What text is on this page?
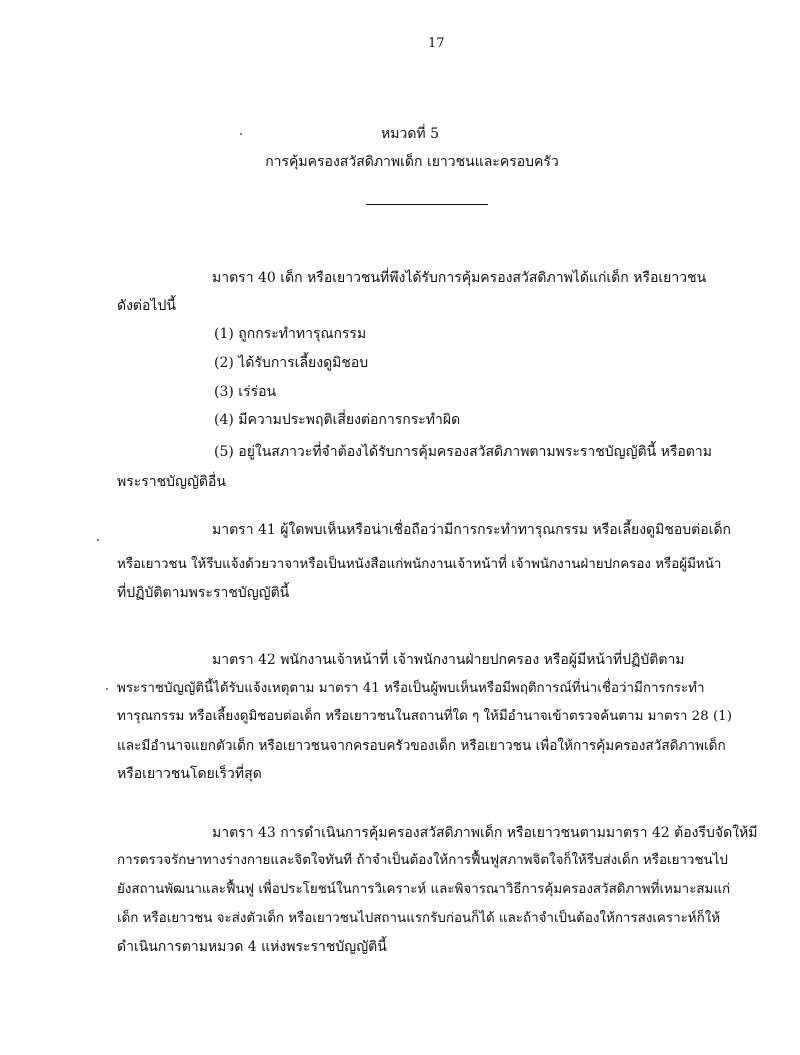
17
หมวดที่ 5
การคุ้มครองสวัสดิภาพเด็ก เยาวชนและครอบครัว
มาตรา 40 เด็ก หรือเยาวชนที่พึงได้รับการคุ้มครองสวัสดิภาพได้แก่เด็ก หรือเยาวชน
ดังต่อไปนี้
(1) ถูกกระทำทารุณกรรม
(2) ได้รับการเลี้ยงดูมิชอบ
(3) เร่ร่อน
(4) มีความประพฤติเสี่ยงต่อการกระทำผิด
(5) อยู่ในสภาวะที่จำต้องได้รับการคุ้มครองสวัสดิภาพตามพระราชบัญญัตินี้ หรือตาม
พระราชบัญญัติอื่น
มาตรา 41 ผู้ใดพบเห็นหรือน่าเชื่อถือว่ามีการกระทำทารุณกรรม หรือเลี้ยงดูมิชอบต่อเด็ก
หรือเยาวชน ให้รีบแจ้งด้วยวาจาหรือเป็นหนังสือแก่พนักงานเจ้าหน้าที่ เจ้าพนักงานฝ่ายปกครอง หรือผู้มีหน้า
ที่ปฏิบัติตามพระราชบัญญัตินี้
มาตรา 42 พนักงานเจ้าหน้าที่ เจ้าพนักงานฝ่ายปกครอง หรือผู้มีหน้าที่ปฏิบัติตาม
พระราชบัญญัตินี้ได้รับแจ้งเหตุตาม มาตรา 41 หรือเป็นผู้พบเห็นหรือมีพฤติการณ์ที่น่าเชื่อว่ามีการกระทำ
ทารุณกรรม หรือเลี้ยงดูมิชอบต่อเด็ก หรือเยาวชนในสถานที่ใด ๆ ให้มีอำนาจเข้าตรวจค้นตาม มาตรา 28 (1)
และมีอำนาจแยกตัวเด็ก หรือเยาวชนจากครอบครัวของเด็ก หรือเยาวชน เพื่อให้การคุ้มครองสวัสดิภาพเด็ก
หรือเยาวชนโดยเร็วที่สุด
มาตรา 43 การดำเนินการคุ้มครองสวัสดิภาพเด็ก หรือเยาวชนตามมาตรา 42 ต้องรีบจัดให้มี
การตรวจรักษาทางร่างกายและจิตใจทันที ถ้าจำเป็นต้องให้การฟื้นฟูสภาพจิตใจก็ให้รีบส่งเด็ก หรือเยาวชนไป
ยังสถานพัฒนาและฟื้นฟู เพื่อประโยชน์ในการวิเคราะห์ และพิจารณาวิธีการคุ้มครองสวัสดิภาพที่เหมาะสมแก่
เด็ก หรือเยาวชน จะส่งตัวเด็ก หรือเยาวชนไปสถานแรกรับก่อนก็ได้ และถ้าจำเป็นต้องให้การสงเคราะห์ก็ให้
ดำเนินการตามหมวด 4 แห่งพระราชบัญญัตินี้
